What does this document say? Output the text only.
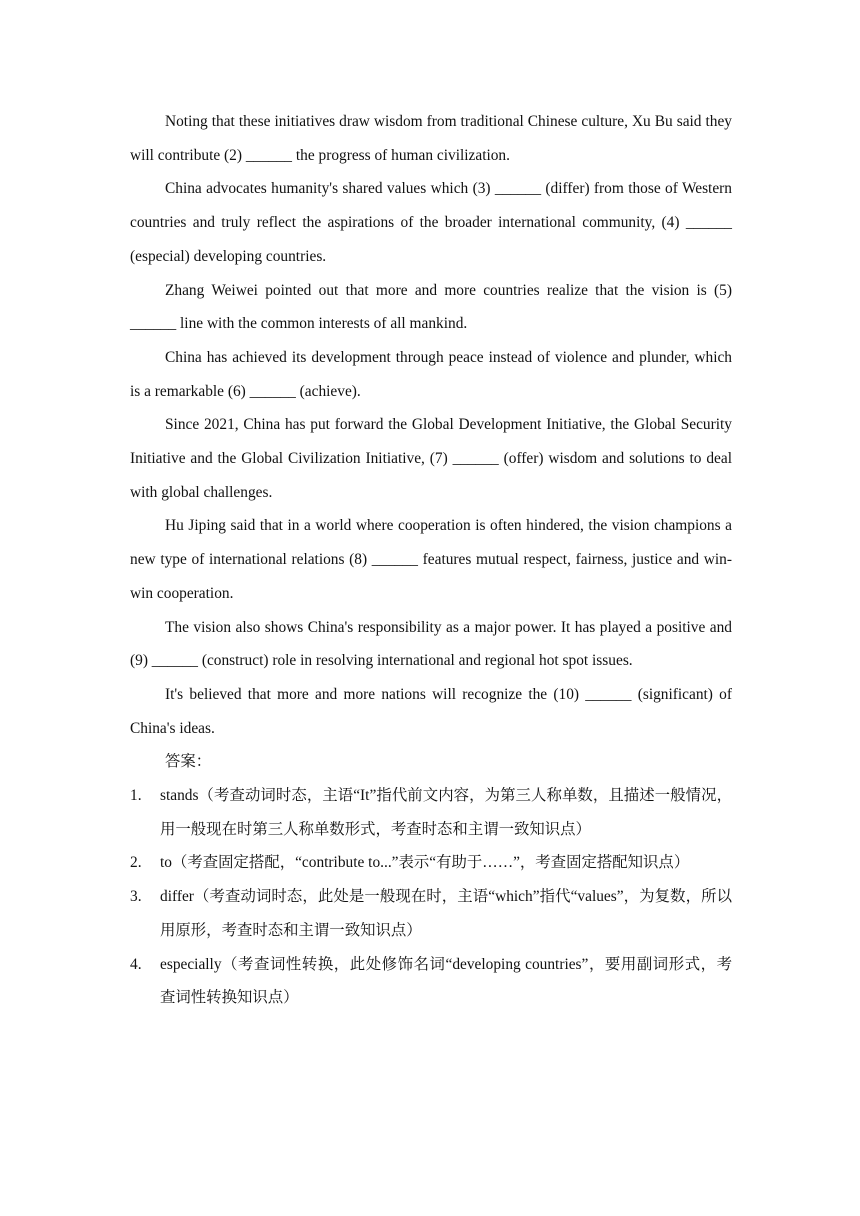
Noting that these initiatives draw wisdom from traditional Chinese culture, Xu Bu said they will contribute (2) ______ the progress of human civilization.

China advocates humanity's shared values which (3) ______ (differ) from those of Western countries and truly reflect the aspirations of the broader international community, (4) ______ (especial) developing countries.

Zhang Weiwei pointed out that more and more countries realize that the vision is (5) ______ line with the common interests of all mankind.

China has achieved its development through peace instead of violence and plunder, which is a remarkable (6) ______ (achieve).

Since 2021, China has put forward the Global Development Initiative, the Global Security Initiative and the Global Civilization Initiative, (7) ______ (offer) wisdom and solutions to deal with global challenges.

Hu Jiping said that in a world where cooperation is often hindered, the vision champions a new type of international relations (8) ______ features mutual respect, fairness, justice and win-win cooperation.

The vision also shows China's responsibility as a major power. It has played a positive and (9) ______ (construct) role in resolving international and regional hot spot issues.

It's believed that more and more nations will recognize the (10) ______ (significant) of China's ideas.

答案：

1. stands（考查动词时态，主语“It”指代前文内容，为第三人称单数，且描述一般情况，用一般现在时第三人称单数形式，考查时态和主谓一致知识点）
2. to（考查固定搭配，“contribute to...”表示“有助于……”，考查固定搭配知识点）
3. differ（考查动词时态，此处是一般现在时，主语“which”指代“values”，为复数，所以用原形，考查时态和主谓一致知识点）
4. especially（考查词性转换，此处修饰名词“developing countries”，要用副词形式，考查词性转换知识点）
